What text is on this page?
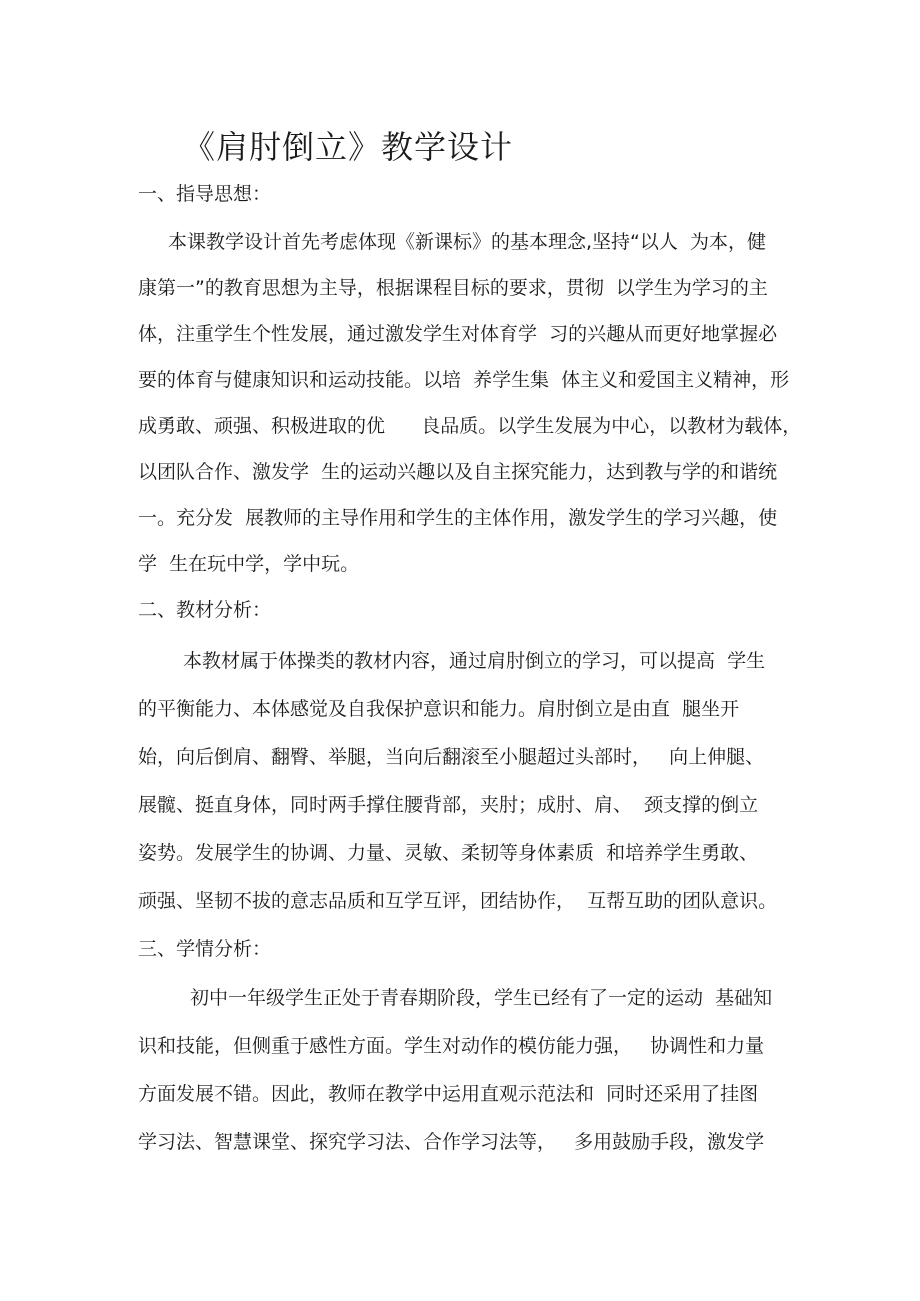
《肩肘倒立》教学设计
一、指导思想：
本课教学设计首先考虑体现《新课标》的基本理念,坚持“以人  为本，健
康第一”的教育思想为主导，根据课程目标的要求，贯彻  以学生为学习的主
体，注重学生个性发展，通过激发学生对体育学  习的兴趣从而更好地掌握必
要的体育与健康知识和运动技能。以培  养学生集  体主义和爱国主义精神，形
成勇敢、顽强、积极进取的优      良品质。以学生发展为中心，以教材为载体，
以团队合作、激发学  生的运动兴趣以及自主探究能力，达到教与学的和谐统
一。充分发  展教师的主导作用和学生的主体作用，激发学生的学习兴趣，使
学  生在玩中学，学中玩。
二、教材分析：
本教材属于体操类的教材内容，通过肩肘倒立的学习，可以提高  学生
的平衡能力、本体感觉及自我保护意识和能力。肩肘倒立是由直  腿坐开
始，向后倒肩、翻臀、举腿，当向后翻滚至小腿超过头部时，   向上伸腿、
展髋、挺直身体，同时两手撑住腰背部，夹肘；成肘、肩、  颈支撑的倒立
姿势。发展学生的协调、力量、灵敏、柔韧等身体素质  和培养学生勇敢、
顽强、坚韧不拔的意志品质和互学互评，团结协作，  互帮互助的团队意识。
三、学情分析：
初中一年级学生正处于青春期阶段，学生已经有了一定的运动  基础知
识和技能，但侧重于感性方面。学生对动作的模仿能力强，   协调性和力量
方面发展不错。因此，教师在教学中运用直观示范法和  同时还采用了挂图
学习法、智慧课堂、探究学习法、合作学习法等，   多用鼓励手段，激发学
